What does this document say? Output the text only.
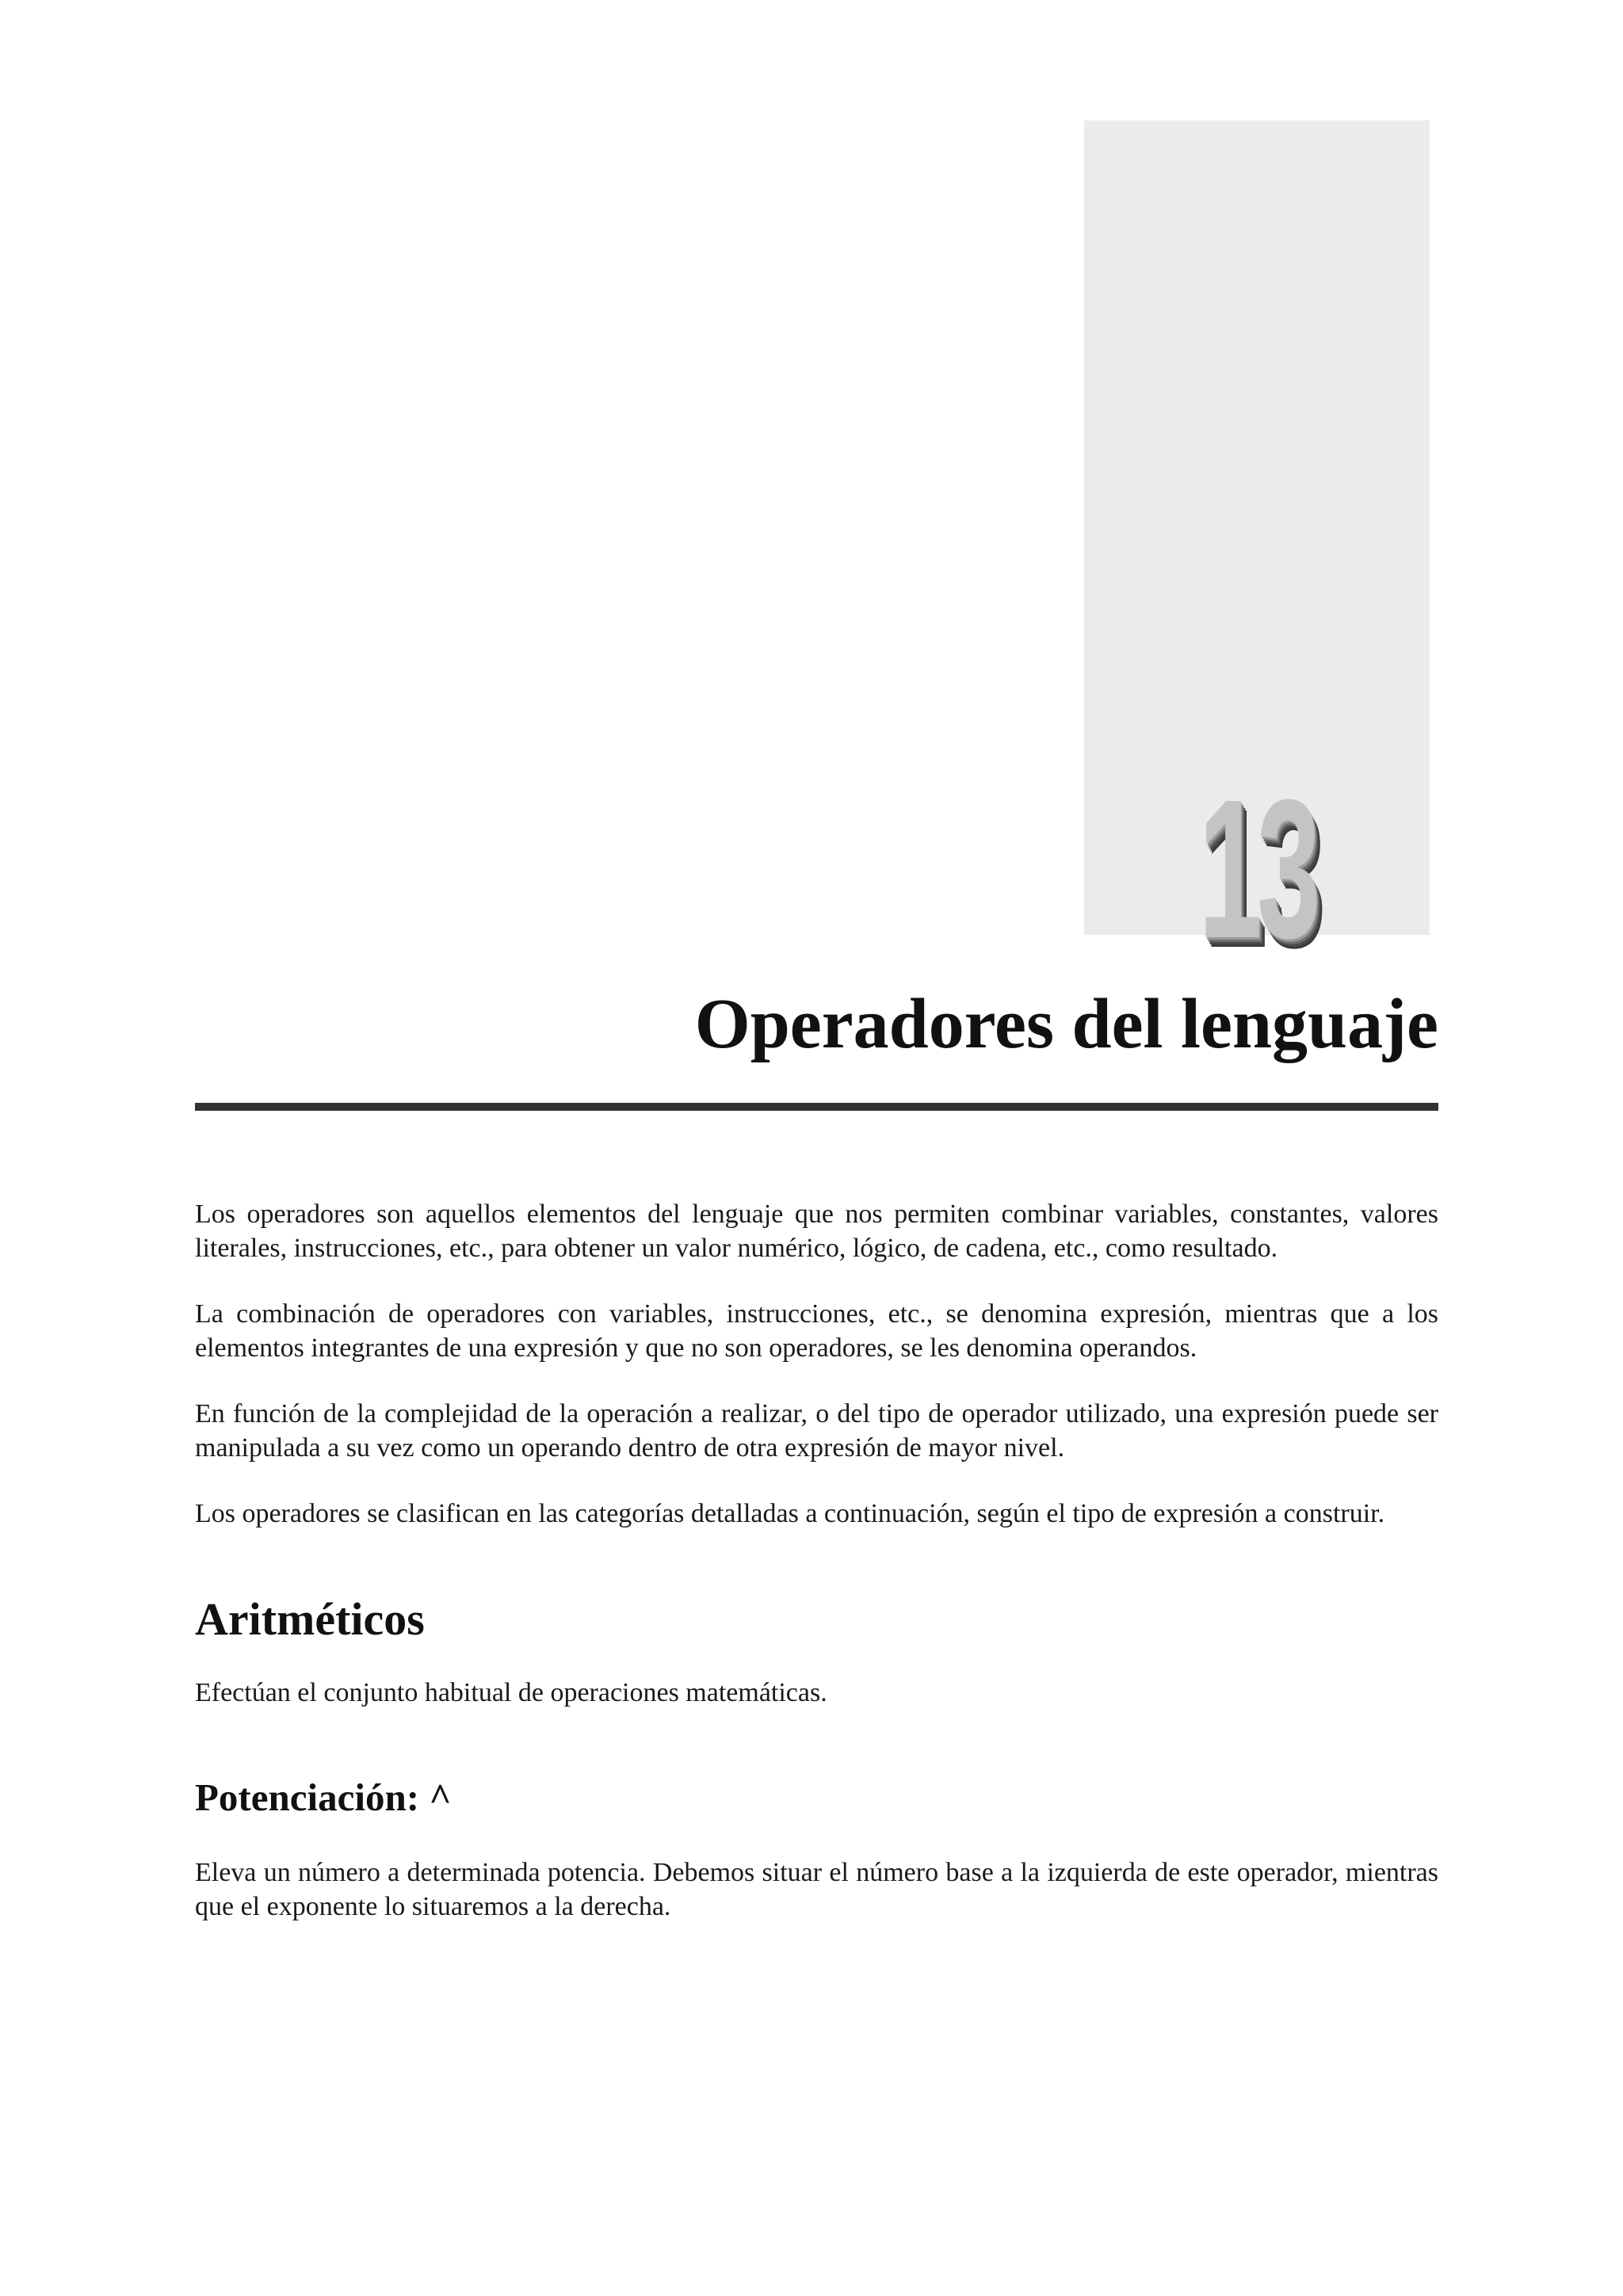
13
Operadores del lenguaje

Los operadores son aquellos elementos del lenguaje que nos permiten combinar variables, constantes, valores literales, instrucciones, etc., para obtener un valor numérico, lógico, de cadena, etc., como resultado.

La combinación de operadores con variables, instrucciones, etc., se denomina expresión, mientras que a los elementos integrantes de una expresión y que no son operadores, se les denomina operandos.

En función de la complejidad de la operación a realizar, o del tipo de operador utilizado, una expresión puede ser manipulada a su vez como un operando dentro de otra expresión de mayor nivel.

Los operadores se clasifican en las categorías detalladas a continuación, según el tipo de expresión a construir.

Aritméticos

Efectúan el conjunto habitual de operaciones matemáticas.

Potenciación: ^

Eleva un número a determinada potencia. Debemos situar el número base a la izquierda de este operador, mientras que el exponente lo situaremos a la derecha.
